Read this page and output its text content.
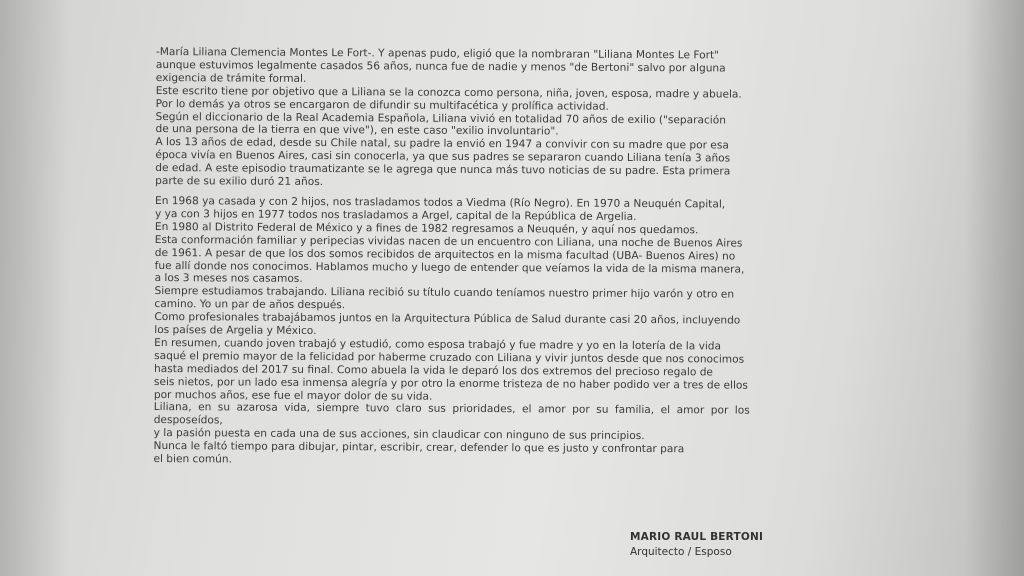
-María Liliana Clemencia Montes Le Fort-. Y apenas pudo, eligió que la nombraran "Liliana Montes Le Fort"

aunque estuvimos legalmente casados 56 años, nunca fue de nadie y menos "de Bertoni" salvo por alguna

exigencia de trámite formal.

Este escrito tiene por objetivo que a Liliana se la conozca como persona, niña, joven, esposa, madre y abuela.

Por lo demás ya otros se encargaron de difundir su multifacética y prolífica actividad.

Según el diccionario de la Real Academia Española, Liliana vivió en totalidad 70 años de exilio ("separación

de una persona de la tierra en que vive"), en este caso "exilio involuntario".

A los 13 años de edad, desde su Chile natal, su padre la envió en 1947 a convivir con su madre que por esa

época vivía en Buenos Aires, casi sin conocerla, ya que sus padres se separaron cuando Liliana tenía 3 años

de edad. A este episodio traumatizante se le agrega que nunca más tuvo noticias de su padre. Esta primera

parte de su exilio duró 21 años.

En 1968 ya casada y con 2 hijos, nos trasladamos todos a Viedma (Río Negro). En 1970 a Neuquén Capital,

y ya con 3 hijos en 1977 todos nos trasladamos a Argel, capital de la República de Argelia.

En 1980 al Distrito Federal de México y a fines de 1982 regresamos a Neuquén, y aquí nos quedamos.

Esta conformación familiar y peripecias vividas nacen de un encuentro con Liliana, una noche de Buenos Aires

de 1961. A pesar de que los dos somos recibidos de arquitectos en la misma facultad (UBA- Buenos Aires) no

fue allí donde nos conocimos. Hablamos mucho y luego de entender que veíamos la vida de la misma manera,

a los 3 meses nos casamos.

Siempre estudiamos trabajando. Liliana recibió su título cuando teníamos nuestro primer hijo varón y otro en

camino. Yo un par de años después.

Como profesionales trabajábamos juntos en la Arquitectura Pública de Salud durante casi 20 años, incluyendo

los países de Argelia y México.

En resumen, cuando joven trabajó y estudió, como esposa trabajó y fue madre y yo en la lotería de la vida

saqué el premio mayor de la felicidad por haberme cruzado con Liliana y vivir juntos desde que nos conocimos

hasta mediados del 2017 su final. Como abuela la vida le deparó los dos extremos del precioso regalo de

seis nietos, por un lado esa inmensa alegría y por otro la enorme tristeza de no haber podido ver a tres de ellos

por muchos años, ese fue el mayor dolor de su vida.

Liliana, en su azarosa vida, siempre tuvo claro sus prioridades, el amor por su familia, el amor por los desposeídos,

y la pasión puesta en cada una de sus acciones, sin claudicar con ninguno de sus principios.

Nunca le faltó tiempo para dibujar, pintar, escribir, crear, defender lo que es justo y confrontar para

el bien común.

MARIO RAUL BERTONI
Arquitecto / Esposo
